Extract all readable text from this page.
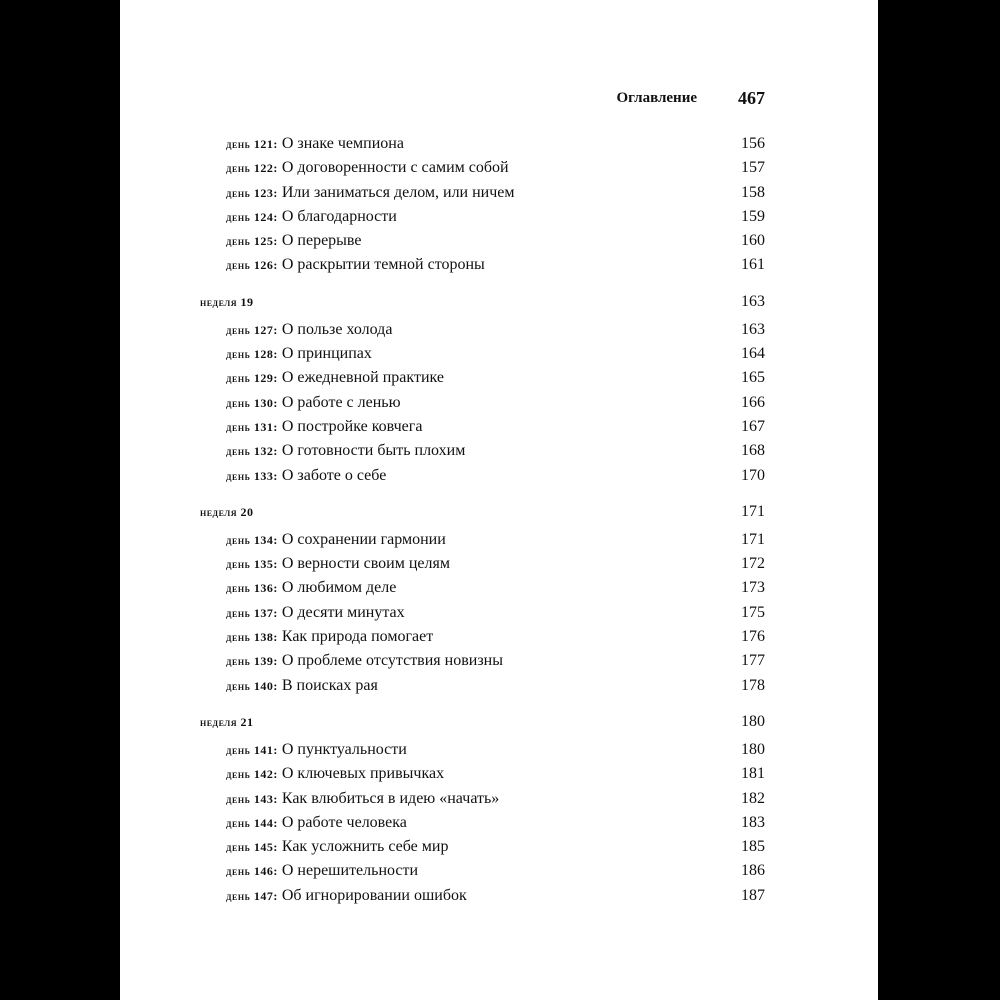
Оглавление 467
день 121: О знаке чемпиона	156
день 122: О договоренности с самим собой	157
день 123: Или заниматься делом, или ничем	158
день 124: О благодарности	159
день 125: О перерыве	160
день 126: О раскрытии темной стороны	161
неделя 19	163
день 127: О пользе холода	163
день 128: О принципах	164
день 129: О ежедневной практике	165
день 130: О работе с ленью	166
день 131: О постройке ковчега	167
день 132: О готовности быть плохим	168
день 133: О заботе о себе	170
неделя 20	171
день 134: О сохранении гармонии	171
день 135: О верности своим целям	172
день 136: О любимом деле	173
день 137: О десяти минутах	175
день 138: Как природа помогает	176
день 139: О проблеме отсутствия новизны	177
день 140: В поисках рая	178
неделя 21	180
день 141: О пунктуальности	180
день 142: О ключевых привычках	181
день 143: Как влюбиться в идею «начать»	182
день 144: О работе человека	183
день 145: Как усложнить себе мир	185
день 146: О нерешительности	186
день 147: Об игнорировании ошибок	187
